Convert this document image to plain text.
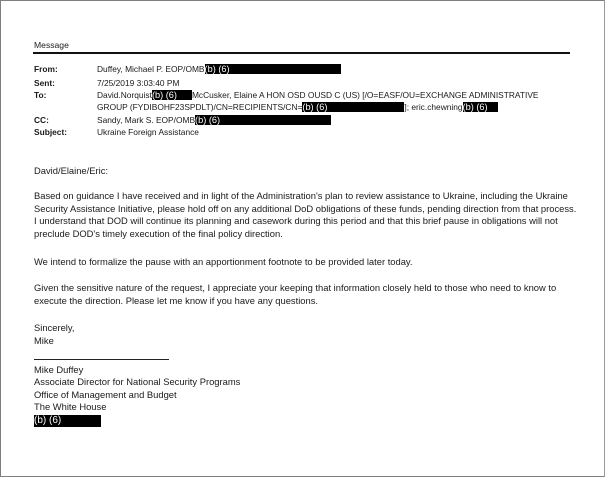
Message
From:	Duffey, Michael P. EOP/OMB(b) (6)
Sent:	7/25/2019 3:03:40 PM
To:	David.Norquist(b) (6) McCusker, Elaine A HON OSD OUSD C (US) [/O=EASF/OU=EXCHANGE ADMINISTRATIVE
GROUP (FYDIBOHF23SPDLT)/CN=RECIPIENTS/CN=(b) (6)	]; eric.chewning(b) (6)
CC:	Sandy, Mark S. EOP/OMB(b) (6)
Subject:	Ukraine Foreign Assistance

David/Elaine/Eric:

Based on guidance I have received and in light of the Administration's plan to review assistance to Ukraine, including the Ukraine Security Assistance Initiative, please hold off on any additional DoD obligations of these funds, pending direction from that process. I understand that DOD will continue its planning and casework during this period and that this brief pause in obligations will not preclude DOD's timely execution of the final policy direction.

We intend to formalize the pause with an apportionment footnote to be provided later today.

Given the sensitive nature of the request, I appreciate your keeping that information closely held to those who need to know to execute the direction. Please let me know if you have any questions.

Sincerely,

Mike

Mike Duffey
Associate Director for National Security Programs
Office of Management and Budget
The White House
(b) (6)
